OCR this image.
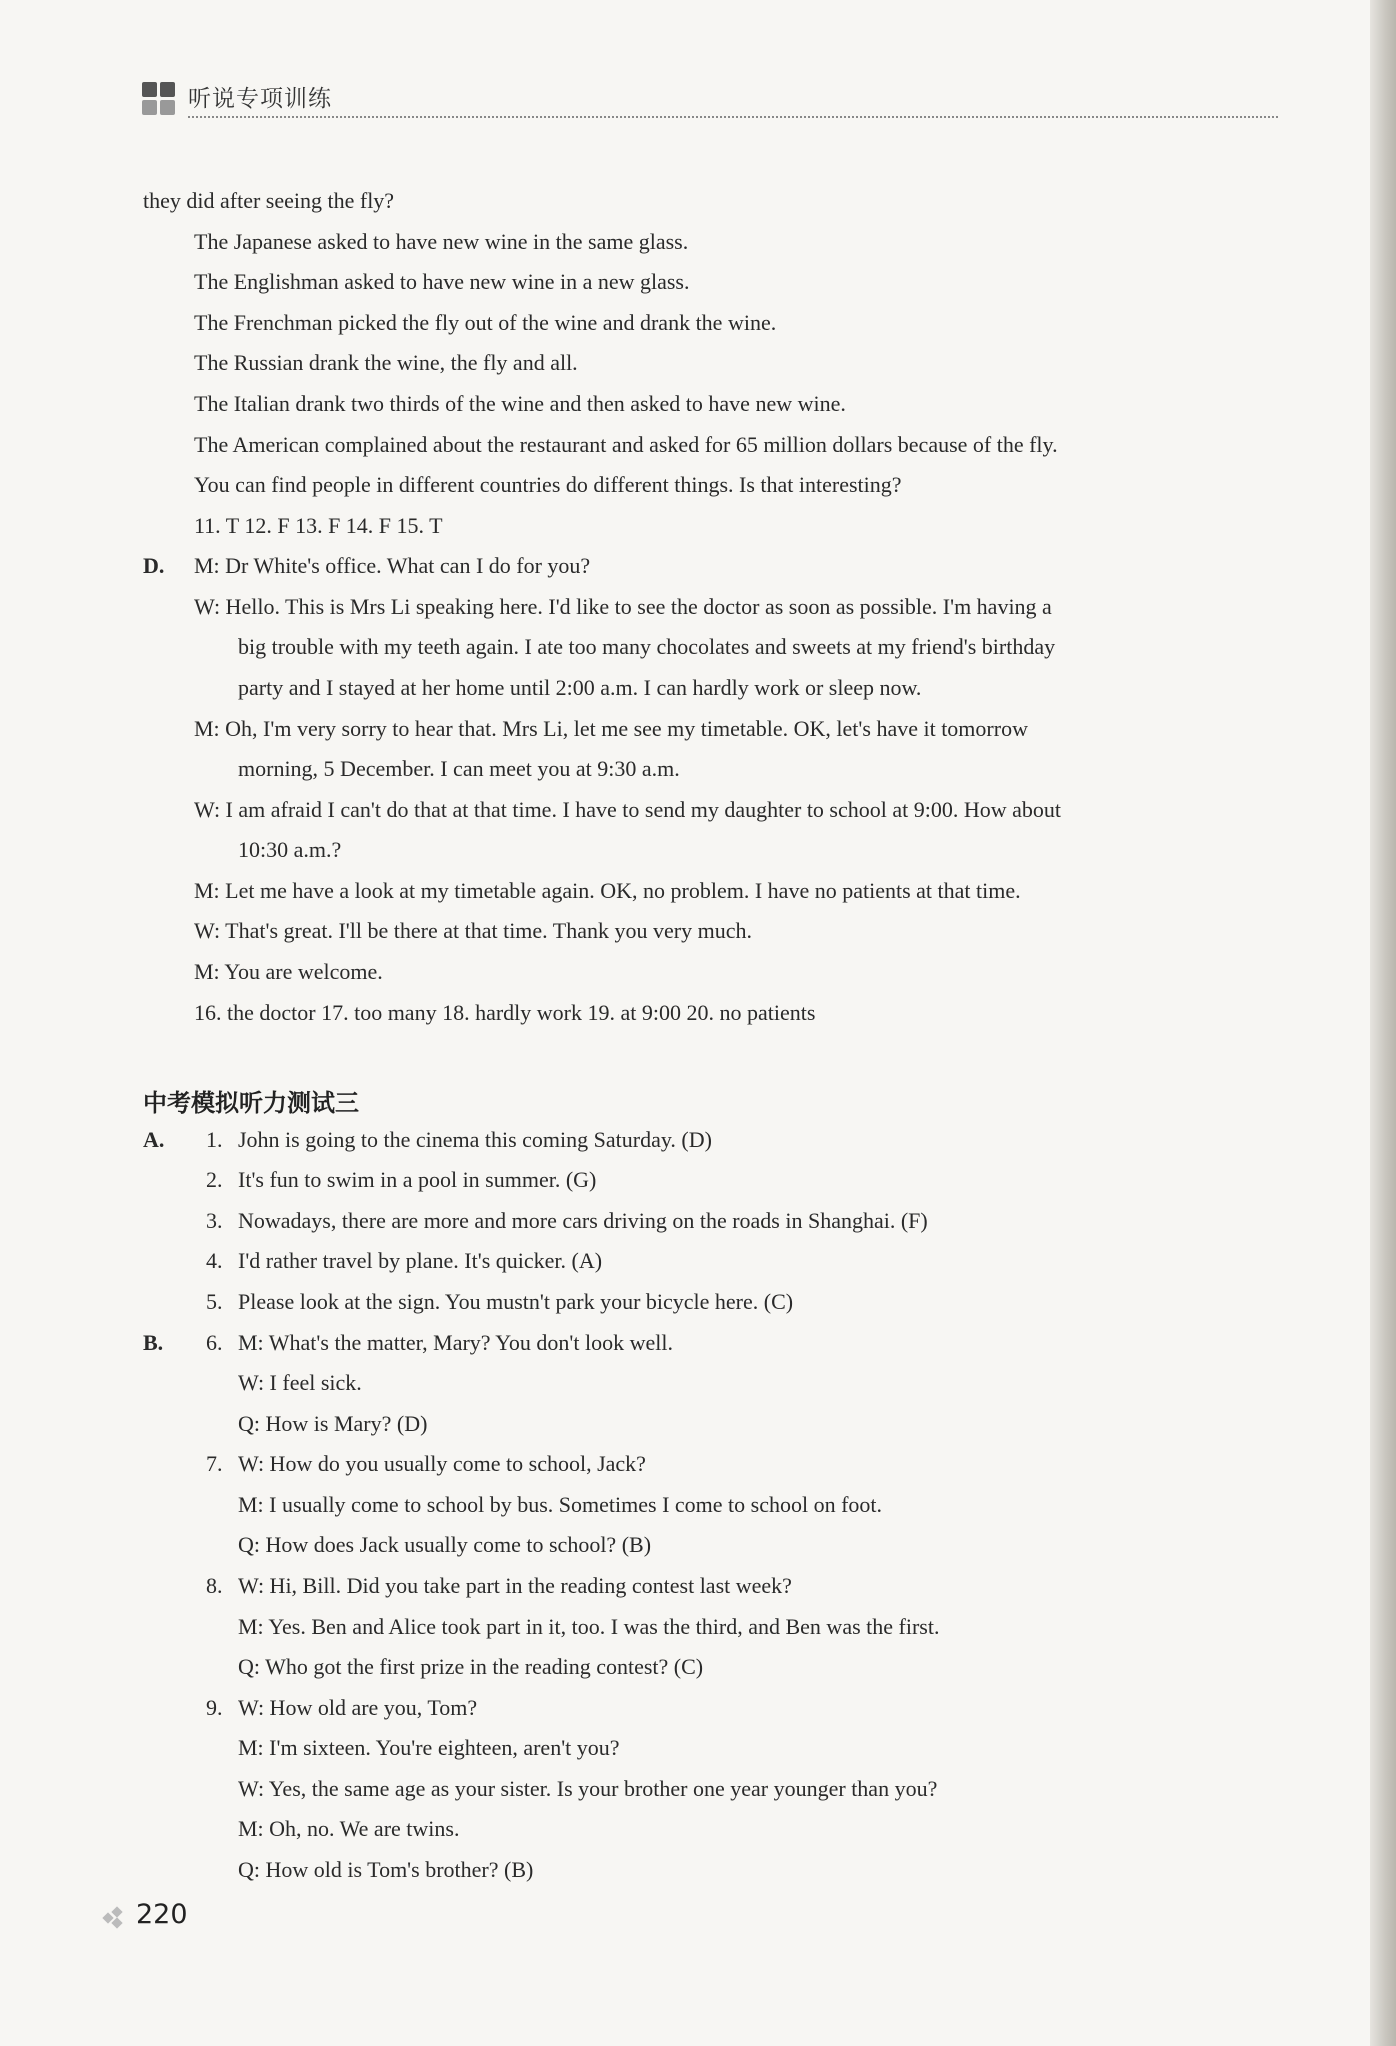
听说专项训练
they did after seeing the fly?
The Japanese asked to have new wine in the same glass.
The Englishman asked to have new wine in a new glass.
The Frenchman picked the fly out of the wine and drank the wine.
The Russian drank the wine, the fly and all.
The Italian drank two thirds of the wine and then asked to have new wine.
The American complained about the restaurant and asked for 65 million dollars because of the fly.
You can find people in different countries do different things. Is that interesting?
11. T 12. F 13. F 14. F 15. T
D. M: Dr White's office. What can I do for you?
W: Hello. This is Mrs Li speaking here. I'd like to see the doctor as soon as possible. I'm having a
big trouble with my teeth again. I ate too many chocolates and sweets at my friend's birthday
party and I stayed at her home until 2:00 a.m. I can hardly work or sleep now.
M: Oh, I'm very sorry to hear that. Mrs Li, let me see my timetable. OK, let's have it tomorrow
morning, 5 December. I can meet you at 9:30 a.m.
W: I am afraid I can't do that at that time. I have to send my daughter to school at 9:00. How about
10:30 a.m.?
M: Let me have a look at my timetable again. OK, no problem. I have no patients at that time.
W: That's great. I'll be there at that time. Thank you very much.
M: You are welcome.
16. the doctor 17. too many 18. hardly work 19. at 9:00 20. no patients
中考模拟听力测试三
A. 1. John is going to the cinema this coming Saturday. (D)
2. It's fun to swim in a pool in summer. (G)
3. Nowadays, there are more and more cars driving on the roads in Shanghai. (F)
4. I'd rather travel by plane. It's quicker. (A)
5. Please look at the sign. You mustn't park your bicycle here. (C)
B. 6. M: What's the matter, Mary? You don't look well.
W: I feel sick.
Q: How is Mary? (D)
7. W: How do you usually come to school, Jack?
M: I usually come to school by bus. Sometimes I come to school on foot.
Q: How does Jack usually come to school? (B)
8. W: Hi, Bill. Did you take part in the reading contest last week?
M: Yes. Ben and Alice took part in it, too. I was the third, and Ben was the first.
Q: Who got the first prize in the reading contest? (C)
9. W: How old are you, Tom?
M: I'm sixteen. You're eighteen, aren't you?
W: Yes, the same age as your sister. Is your brother one year younger than you?
M: Oh, no. We are twins.
Q: How old is Tom's brother? (B)
220
